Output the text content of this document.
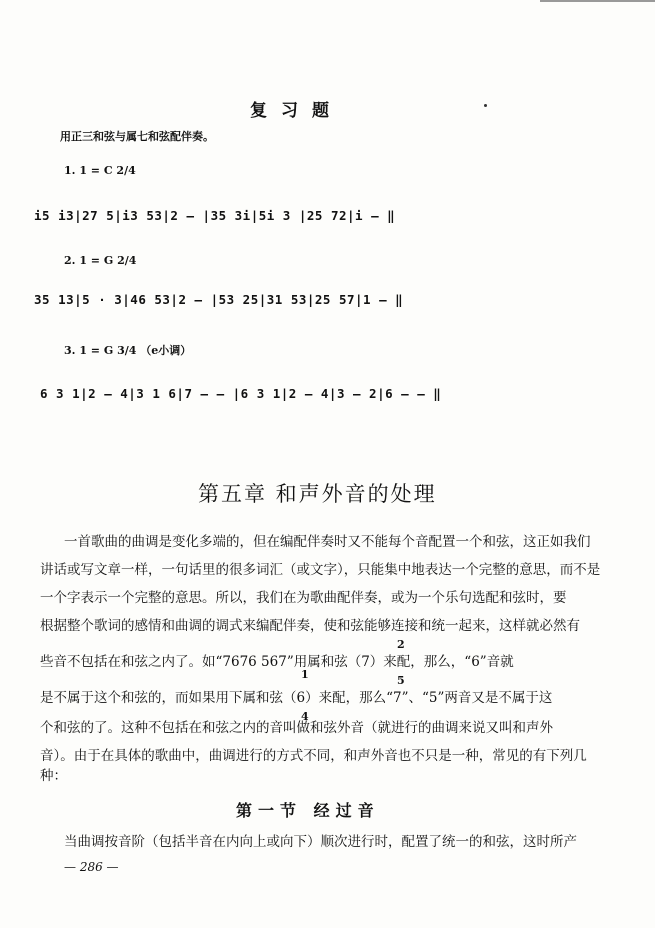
复习题
用正三和弦与属七和弦配伴奏。
1. 1 = C 2/4
i5 i3|27 5|i3 53|2 — |35 3i|5i 3 |25 72|i — ‖
2. 1 = G 2/4
35 13|5 · 3|46 53|2 — |53 25|31 53|25 57|1 — ‖
3. 1 = G 3/4 （e小调）
6 3 1|2 — 4|3 1 6|7 — — |6 3 1|2 — 4|3 — 2|6 — — ‖
第五章 和声外音的处理
一首歌曲的曲调是变化多端的，但在编配伴奏时又不能每个音配置一个和弦，这正如我们
讲话或写文章一样，一句话里的很多词汇（或文字），只能集中地表达一个完整的意思，而不是
一个字表示一个完整的意思。所以，我们在为歌曲配伴奏，或为一个乐句选配和弦时，要
根据整个歌词的感情和曲调的调式来编配伴奏，使和弦能够连接和统一起来，这样就必然有
2
些音不包括在和弦之内了。如“7676 567”用属和弦（7）来配，那么，“6”音就
5
1
是不属于这个和弦的，而如果用下属和弦（6）来配，那么“7”、“5”两音又是不属于这
4
个和弦的了。这种不包括在和弦之内的音叫做和弦外音（就进行的曲调来说又叫和声外
音）。由于在具体的歌曲中，曲调进行的方式不同，和声外音也不只是一种，常见的有下列几
种：
第一节 经过音
当曲调按音阶（包括半音在内向上或向下）顺次进行时，配置了统一的和弦，这时所产
— 286 —
